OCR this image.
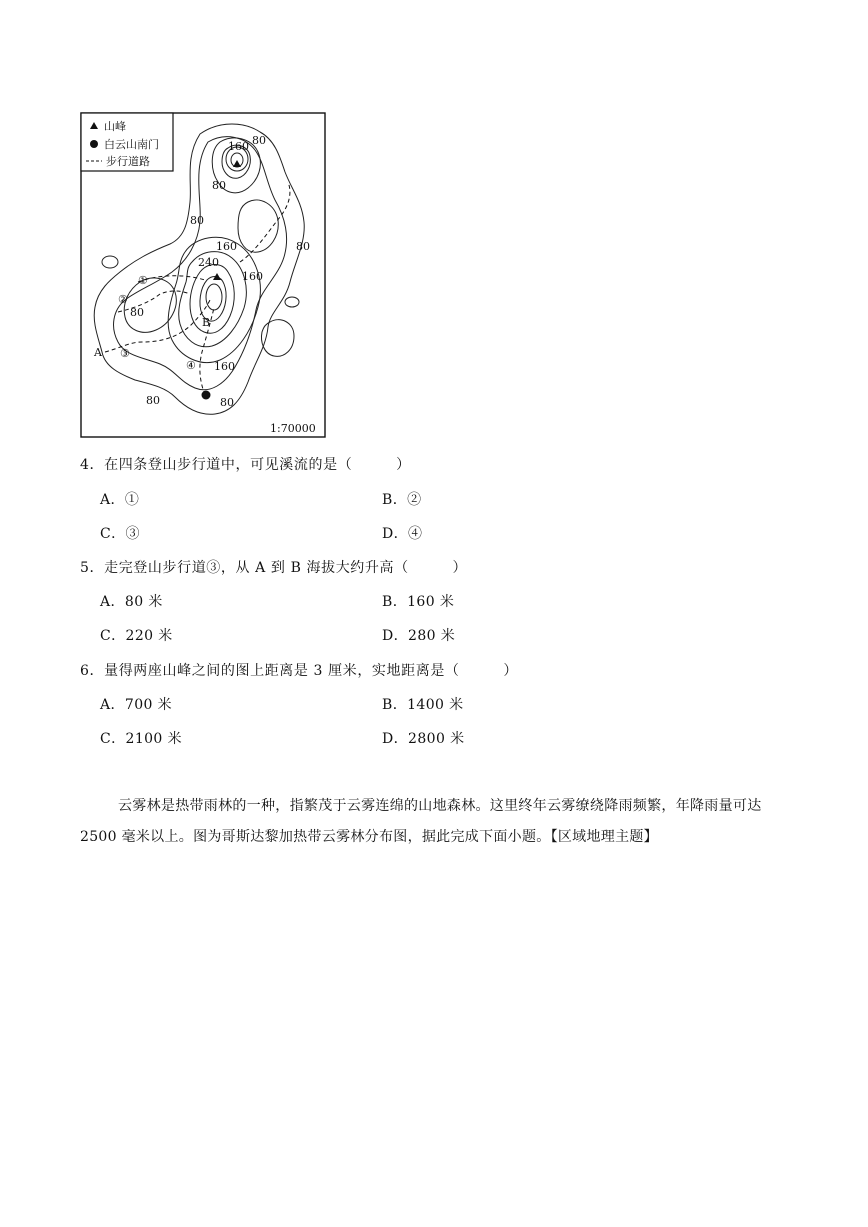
山峰
白云山南门
步行道路
160 80
80
80
160
160
240
80
80
160
80	80
①
②
③
④
A
B
1:70000
4．在四条登山步行道中，可见溪流的是（　　　）
A．①	B．②
C．③	D．④
5．走完登山步行道③，从 A 到 B 海拔大约升高（　　　）
A．80 米	B．160 米
C．220 米	D．280 米
6．量得两座山峰之间的图上距离是 3 厘米，实地距离是（　　　）
A．700 米	B．1400 米
C．2100 米	D．2800 米
云雾林是热带雨林的一种，指繁茂于云雾连绵的山地森林。这里终年云雾缭绕降雨频繁，年降雨量可达 2500 毫米以上。图为哥斯达黎加热带云雾林分布图，据此完成下面小题。【区域地理主题】
